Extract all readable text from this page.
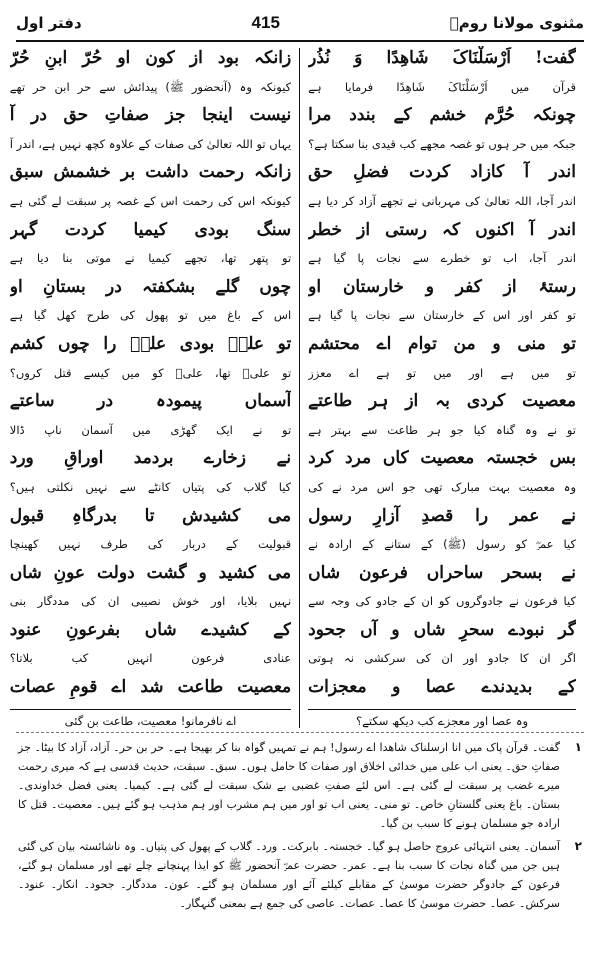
دفتر اول	415	مثنوی مولانا رومؒ
گفت! اَرْسَلْنَاکَ شَاهِدًا وَ نُذُر
قرآن میں اَرْسَلْنَاکَ شَاهِدًا فرمایا ہے
چونکہ حُرَّم خشم کے بندد مرا
جبکہ میں حر ہوں تو غصہ مجھے کب قیدی بنا سکتا ہے؟
اندر آ کازاد کردت فضلِ حق
اندر آجا، اللہ تعالیٰ کی مہربانی نے تجھے آزاد کر دیا ہے
اندر آ اکنوں کہ رستی از خطر
اندر آجا، اب تو خطرے سے نجات پا گیا ہے
رستۂ از کفر و خارستان او
تو کفر اور اس کے خارستان سے نجات پا گیا ہے
تو منی و من توام اے محتشم
تو میں ہے اور میں تو ہے اے معزز
معصیت کردی بہ از ہر طاعتے
تو نے وہ گناہ کیا جو ہر طاعت سے بہتر ہے
بس خجستہ معصیت کاں مرد کرد
وہ معصیت بہت مبارک تھی جو اس مرد نے کی
نے عمر را قصدِ آزارِ رسول
کیا عمرؓ کو رسول (ﷺ) کے ستانے کے ارادہ نے
نے بسحر ساحراں فرعون شاں
کیا فرعون نے جادوگروں کو ان کے جادو کی وجہ سے
گر نبودے سحرِ شاں و آں جحود
اگر ان کا جادو اور ان کی سرکشی نہ ہوتی
کے بدیدندے عصا و معجزات
وہ عصا اور معجزے کب دیکھ سکتے؟
زانکہ بود از کون او حُرّ ابنِ حُرّ
کیونکہ وہ (آنحضور ﷺ) پیدائش سے حر ابن حر تھے
نیست اینجا جز صفاتِ حق در آ
یہاں تو اللہ تعالیٰ کی صفات کے علاوہ کچھ نہیں ہے، اندر آ
زانکہ رحمت داشت بر خشمش سبق
کیونکہ اس کی رحمت اس کے غصہ پر سبقت لے گئی ہے
سنگ بودی کیمیا کردت گہر
تو پتھر تھا، تجھے کیمیا نے موتی بنا دیا ہے
چوں گلے بشکفتہ در بستانِ او
اس کے باغ میں تو پھول کی طرح کھل گیا ہے
تو علیؓ بودی علیؓ را چوں کشم
تو علیؓ تھا، علیؓ کو میں کیسے قتل کروں؟
آسماں پیمودہ در ساعتے
تو نے ایک گھڑی میں آسمان ناپ ڈالا
نے زخارے بردمد اوراقِ ورد
کیا گلاب کی پتیاں کانٹے سے نہیں نکلتی ہیں؟
می کشیدش تا بدرگاہِ قبول
قبولیت کے دربار کی طرف نہیں کھینچا
می کشید و گشت دولت عونِ شاں
نہیں بلایا، اور خوش نصیبی ان کی مددگار بنی
کے کشیدے شاں بفرعونِ عنود
عنادی فرعون انہیں کب بلاتا؟
معصیت طاعت شد اے قومِ عصات
اے نافرمانو! معصیت، طاعت بن گئی
۱

گفت۔ قرآن پاک میں انا ارسلناک شاهدا اے رسول! ہم نے تمہیں گواہ بنا کر بھیجا ہے۔ حر بن حر۔ آزاد، آزاد کا بیٹا۔ جز صفاتِ حق۔ یعنی اب علی میں خدائی اخلاق اور صفات کا حامل ہوں۔ سبق۔ سبقت، حدیث قدسی ہے کہ میری رحمت میرے غضب پر سبقت لے گئی ہے۔ اس لئے صفتِ غضبی بے شک سبقت لے گئی ہے۔ کیمیا۔ یعنی فضل خداوندی۔ بستان۔ باغ یعنی گلستانِ خاص۔ تو منی۔ یعنی اب تو اور میں ہم مشرب اور ہم مذہب ہو گئے ہیں۔ معصیت۔ قتل کا ارادہ جو مسلمان ہونے کا سبب بن گیا۔

۲

آسمان۔ یعنی انتہائی عروج حاصل ہو گیا۔ خجستہ۔ بابرکت۔ ورد۔ گلاب کے پھول کی پتیاں۔ وہ ناشائستہ بیان کی گئی ہیں جن میں گناہ نجات کا سبب بنا ہے۔ عمر۔ حضرت عمرؓ آنحضور ﷺ کو ایذا پہنچانے چلے تھے اور مسلمان ہو گئے، فرعون کے جادوگر حضرت موسیٰ کے مقابلے کیلئے آئے اور مسلمان ہو گئے۔ عون۔ مددگار۔ جحود۔ انکار۔ عنود۔ سرکش۔ عصا۔ حضرت موسیٰ کا عصا۔ عصات۔ عاصی کی جمع ہے بمعنی گنہگار۔
